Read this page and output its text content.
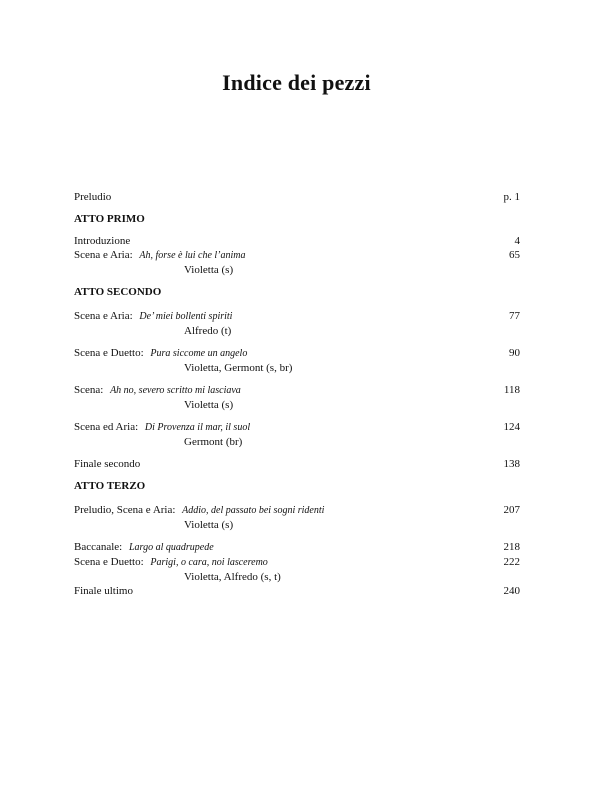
Indice dei pezzi
Preludio	p. 1
ATTO PRIMO
Introduzione	4
Scena e Aria: Ah, forse è lui che l’anima	65
Violetta (s)
ATTO SECONDO
Scena e Aria: De’ miei bollenti spiriti	77
Alfredo (t)
Scena e Duetto: Pura siccome un angelo	90
Violetta, Germont (s, br)
Scena: Ah no, severo scritto mi lasciava	118
Violetta (s)
Scena ed Aria: Di Provenza il mar, il suol	124
Germont (br)
Finale secondo	138
ATTO TERZO
Preludio, Scena e Aria: Addio, del passato bei sogni ridenti	207
Violetta (s)
Baccanale: Largo al quadrupede	218
Scena e Duetto: Parigi, o cara, noi lasceremo	222
Violetta, Alfredo (s, t)
Finale ultimo	240
